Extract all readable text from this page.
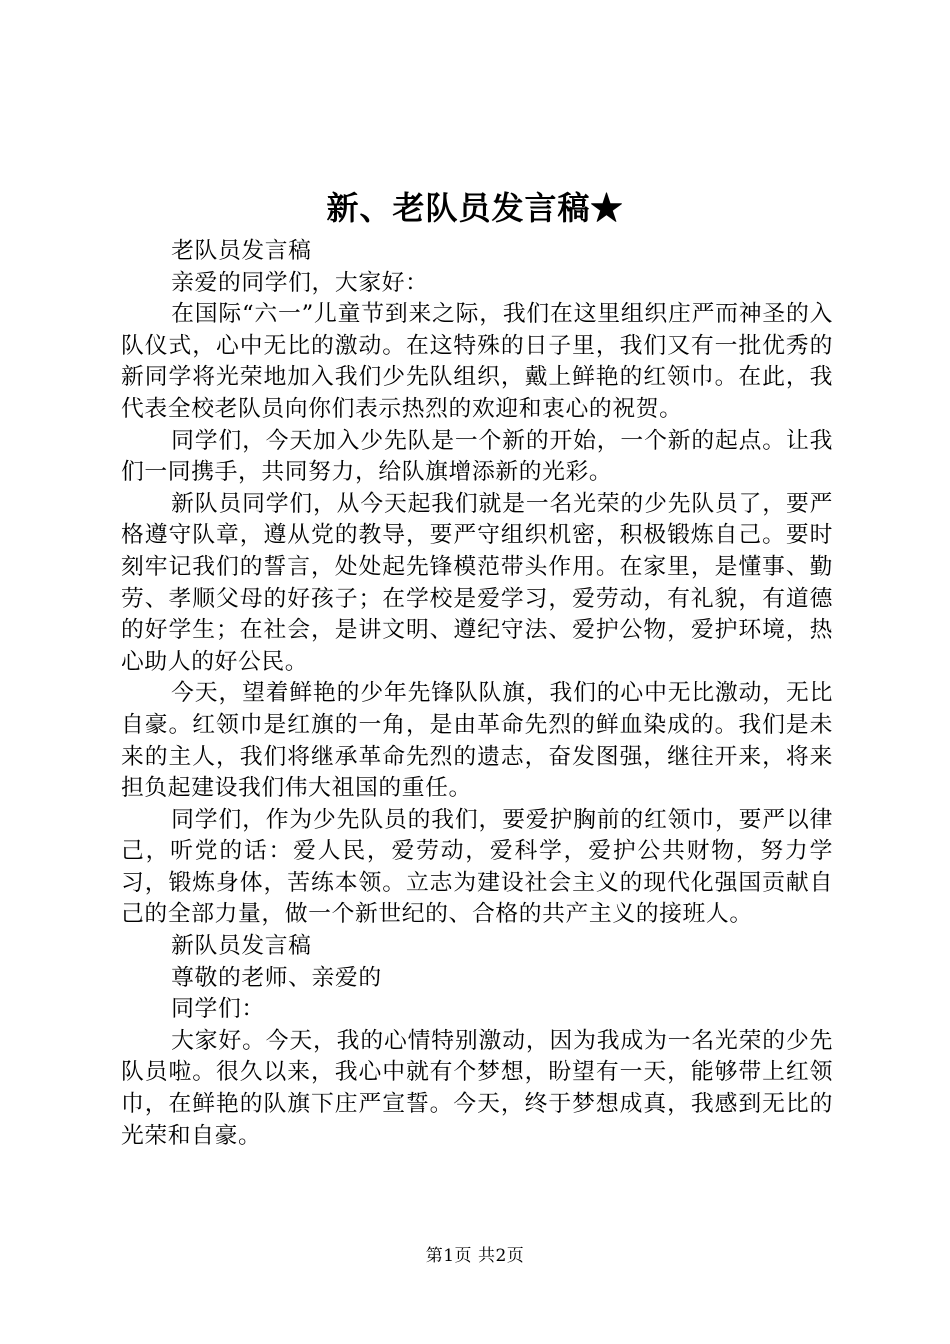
新、老队员发言稿★

老队员发言稿

亲爱的同学们，大家好：

在国际“六一”儿童节到来之际，我们在这里组织庄严而神圣的入队仪式，心中无比的激动。在这特殊的日子里，我们又有一批优秀的新同学将光荣地加入我们少先队组织，戴上鲜艳的红领巾。在此，我代表全校老队员向你们表示热烈的欢迎和衷心的祝贺。

同学们，今天加入少先队是一个新的开始，一个新的起点。让我们一同携手，共同努力，给队旗增添新的光彩。

新队员同学们，从今天起我们就是一名光荣的少先队员了，要严格遵守队章，遵从党的教导，要严守组织机密，积极锻炼自己。要时刻牢记我们的誓言，处处起先锋模范带头作用。在家里，是懂事、勤劳、孝顺父母的好孩子；在学校是爱学习，爱劳动，有礼貌，有道德的好学生；在社会，是讲文明、遵纪守法、爱护公物，爱护环境，热心助人的好公民。

今天，望着鲜艳的少年先锋队队旗，我们的心中无比激动，无比自豪。红领巾是红旗的一角，是由革命先烈的鲜血染成的。我们是未来的主人，我们将继承革命先烈的遗志，奋发图强，继往开来，将来担负起建设我们伟大祖国的重任。

同学们，作为少先队员的我们，要爱护胸前的红领巾，要严以律己，听党的话：爱人民，爱劳动，爱科学，爱护公共财物，努力学习，锻炼身体，苦练本领。立志为建设社会主义的现代化强国贡献自己的全部力量，做一个新世纪的、合格的共产主义的接班人。

新队员发言稿

尊敬的老师、亲爱的

同学们：

大家好。今天，我的心情特别激动，因为我成为一名光荣的少先队员啦。很久以来，我心中就有个梦想，盼望有一天，能够带上红领巾，在鲜艳的队旗下庄严宣誓。今天，终于梦想成真，我感到无比的光荣和自豪。

第1页 共2页
